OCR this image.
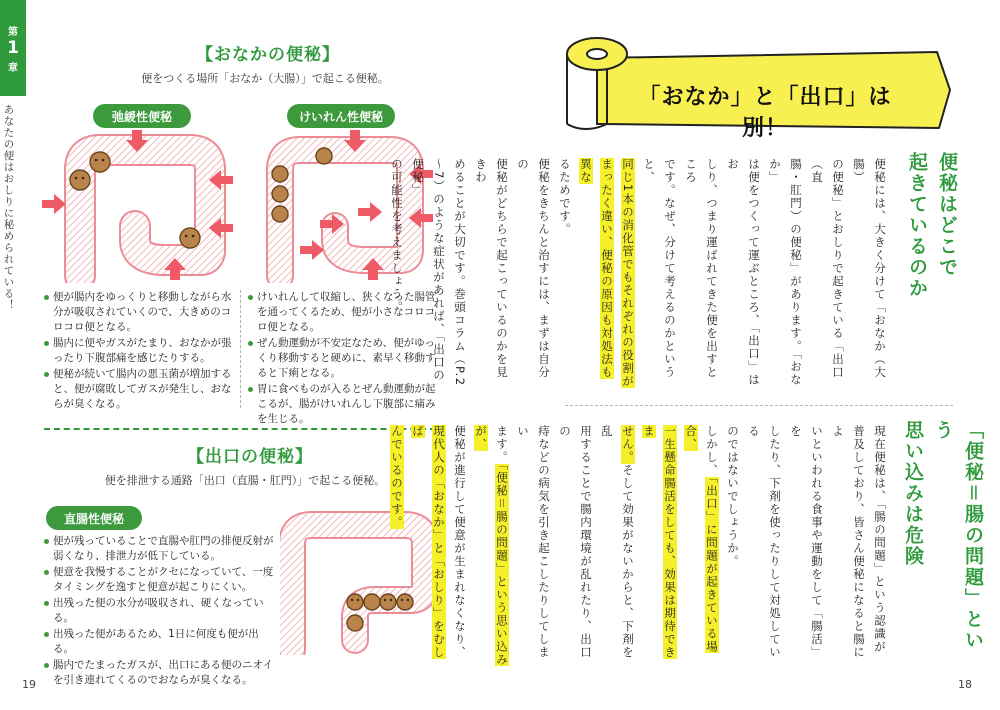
第
1
章
あなたの便はおしりに秘められている！
【おなかの便秘】
便をつくる場所「おなか（大腸）」で起こる便秘。
弛緩性便秘	けいれん性便秘
便が腸内をゆっくりと移動しながら水分が吸収されていくので、大きめのコロコロ便となる。
腸内に便やガスがたまり、おなかが張ったり下腹部痛を感じたりする。
便秘が続いて腸内の悪玉菌が増加すると、便が腐敗してガスが発生し、おならが臭くなる。
けいれんして収縮し、狭くなった腸管を通ってくるため、便が小さなコロコロ便となる。
ぜん動運動が不安定なため、便がゆっくり移動すると硬めに、素早く移動すると下痢となる。
胃に食べものが入るとぜん動運動が起こるが、腸がけいれんし下腹部に痛みを生じる。
【出口の便秘】
便を排泄する通路「出口（直腸・肛門）」で起こる便秘。
直腸性便秘
便が残っていることで直腸や肛門の排便反射が弱くなり、排泄力が低下している。
便意を我慢することがクセになっていて、一度タイミングを逸すと便意が起こりにくい。
出残った便の水分が吸収され、硬くなっている。
出残った便があるため、1日に何度も便が出る。
腸内でたまったガスが、出口にある便のニオイを引き連れてくるのでおならが臭くなる。
19
「おなか」と「出口」は別！
便秘はどこで
起きているのか
便秘には、大きく分けて「おなか（大腸）
の便秘」とおしりで起きている「出口（直
腸・肛門）の便秘」があります。「おなか」
は便をつくって運ぶところ、「出口」はお
しり、つまり運ばれてきた便を出すところ
です。なぜ、分けて考えるのかというと、
同じ1本の消化管でもそれぞれの役割が
まったく違い、便秘の原因も対処法も異な
るためです。
便秘をきちんと治すには、まずは自分の
便秘がどちらで起こっているのかを見きわ
めることが大切です。巻頭コラム（P.2
〜7）のような症状があれば、「出口の便秘」
の可能性を考えましょう。
「便秘＝腸の問題」という
思い込みは危険
現在便秘は、「腸の問題」という認識が
普及しており、皆さん便秘になると腸によ
いといわれる食事や運動をして「腸活」を
したり、下剤を使ったりして対処している
のではないでしょうか。
しかし、「出口」に問題が起きている場合、
一生懸命腸活をしても、効果は期待できま
せん。そして効果がないからと、下剤を乱
用することで腸内環境が乱れたり、出口の
痔などの病気を引き起こしたりしてしまい
ます。「便秘＝腸の問題」という思い込みが、
便秘が進行して便意が生まれなくなり、
現代人の「おなか」と「おしり」をむしば
んでいるのです。
18
